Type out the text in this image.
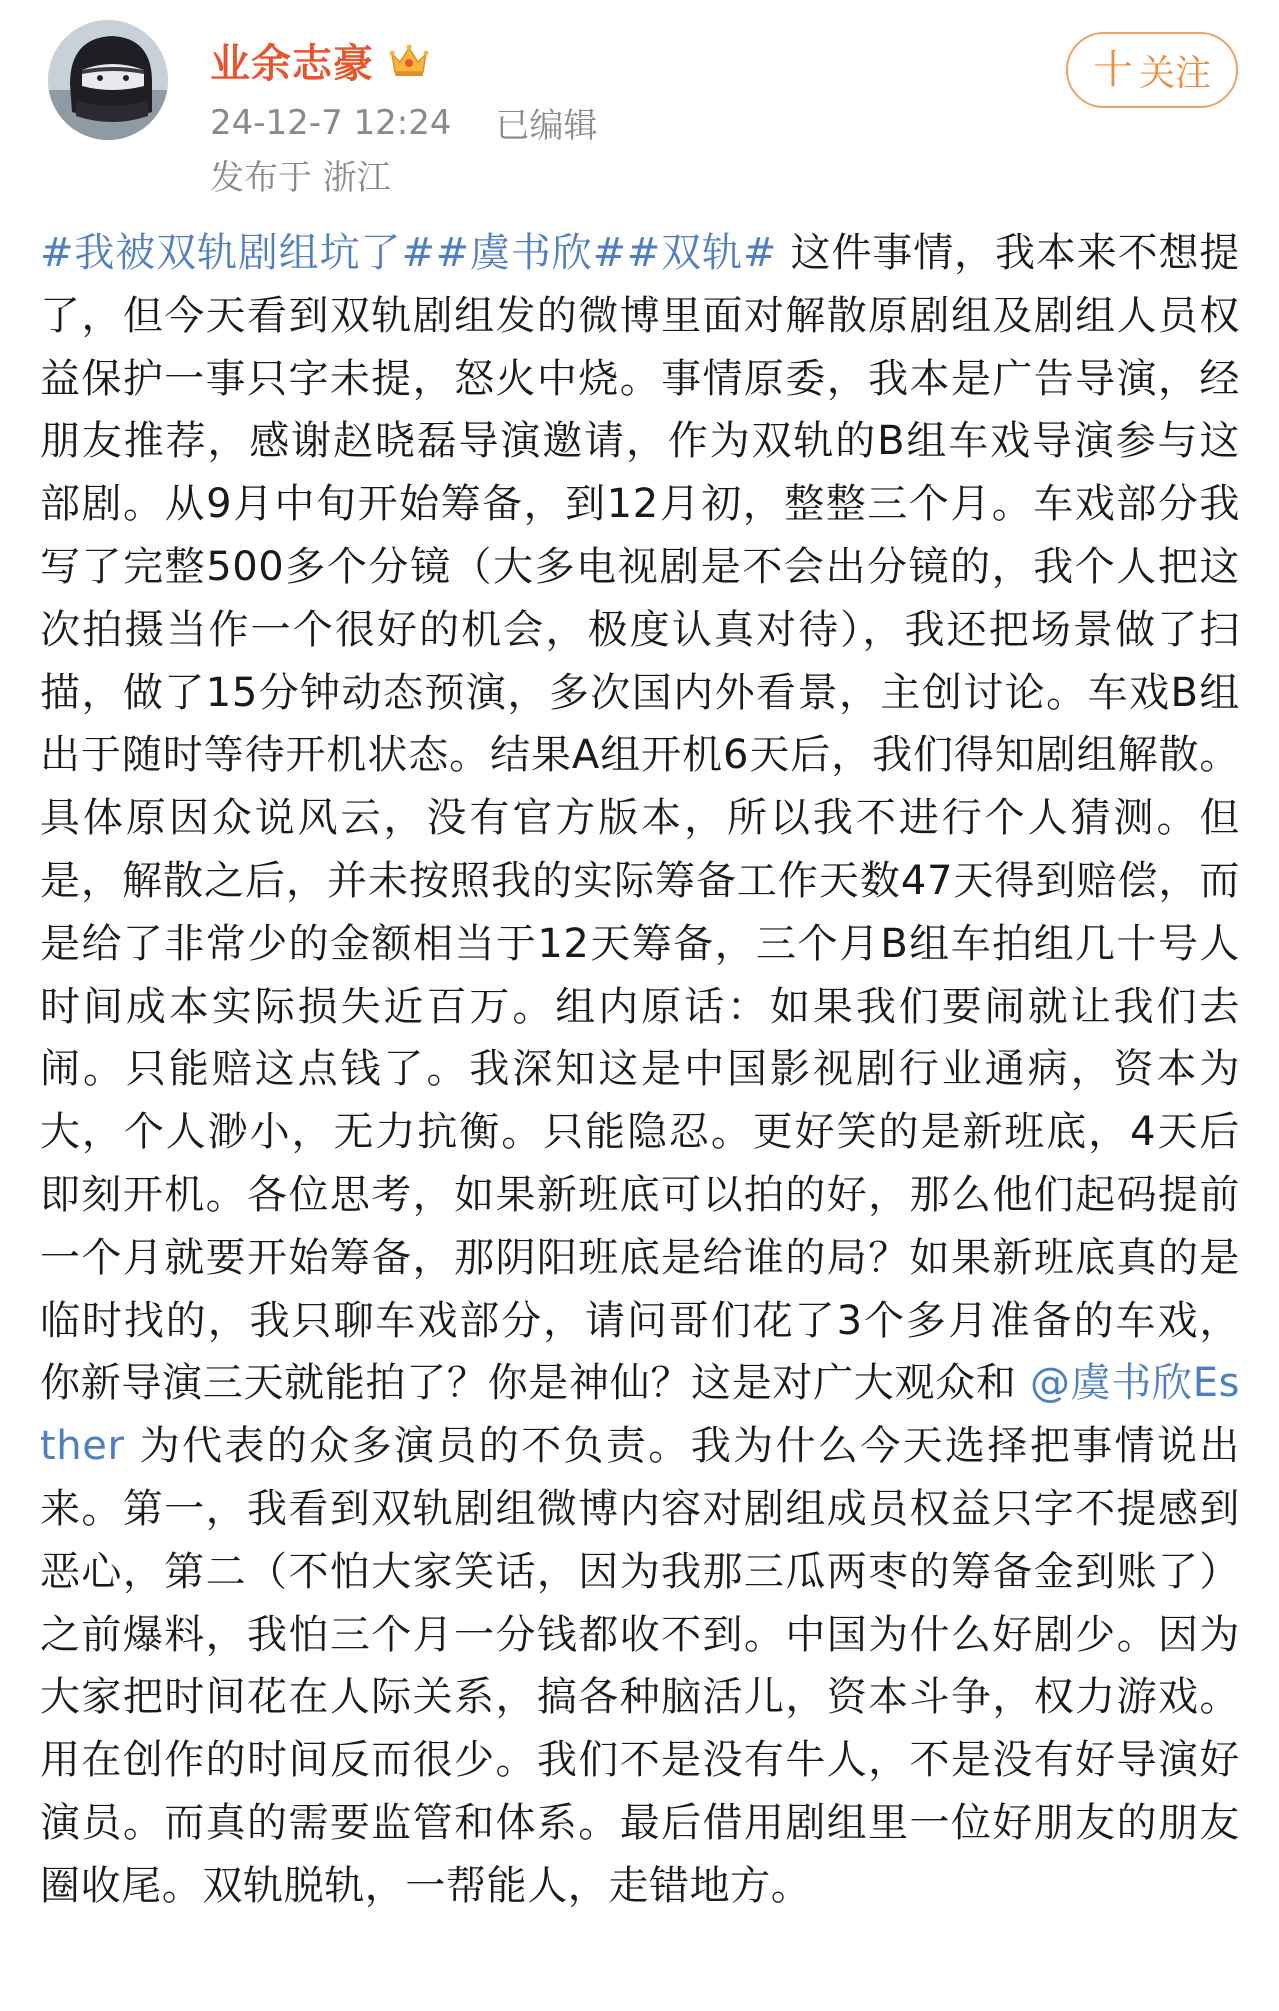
业余志豪
24-12-7 12:24 已编辑
发布于 浙江
十 关注
#我被双轨剧组坑了##虞书欣##双轨# 这件事情，我本来不想提了，但今天看到双轨剧组发的微博里面对解散原剧组及剧组人员权益保护一事只字未提，怒火中烧。事情原委，我本是广告导演，经朋友推荐，感谢赵晓磊导演邀请，作为双轨的B组车戏导演参与这部剧。从9月中旬开始筹备，到12月初，整整三个月。车戏部分我写了完整500多个分镜（大多电视剧是不会出分镜的，我个人把这次拍摄当作一个很好的机会，极度认真对待），我还把场景做了扫描，做了15分钟动态预演，多次国内外看景，主创讨论。车戏B组出于随时等待开机状态。结果A组开机6天后，我们得知剧组解散。具体原因众说风云，没有官方版本，所以我不进行个人猜测。但是，解散之后，并未按照我的实际筹备工作天数47天得到赔偿，而是给了非常少的金额相当于12天筹备，三个月B组车拍组几十号人时间成本实际损失近百万。组内原话：如果我们要闹就让我们去闹。只能赔这点钱了。我深知这是中国影视剧行业通病，资本为大，个人渺小，无力抗衡。只能隐忍。更好笑的是新班底，4天后即刻开机。各位思考，如果新班底可以拍的好，那么他们起码提前一个月就要开始筹备，那阴阳班底是给谁的局？如果新班底真的是临时找的，我只聊车戏部分，请问哥们花了3个多月准备的车戏，你新导演三天就能拍了？你是神仙？这是对广大观众和 @虞书欣Esther 为代表的众多演员的不负责。我为什么今天选择把事情说出来。第一，我看到双轨剧组微博内容对剧组成员权益只字不提感到恶心，第二（不怕大家笑话，因为我那三瓜两枣的筹备金到账了）之前爆料，我怕三个月一分钱都收不到。中国为什么好剧少。因为大家把时间花在人际关系，搞各种脑活儿，资本斗争，权力游戏。用在创作的时间反而很少。我们不是没有牛人，不是没有好导演好演员。而真的需要监管和体系。最后借用剧组里一位好朋友的朋友圈收尾。双轨脱轨，一帮能人，走错地方。
